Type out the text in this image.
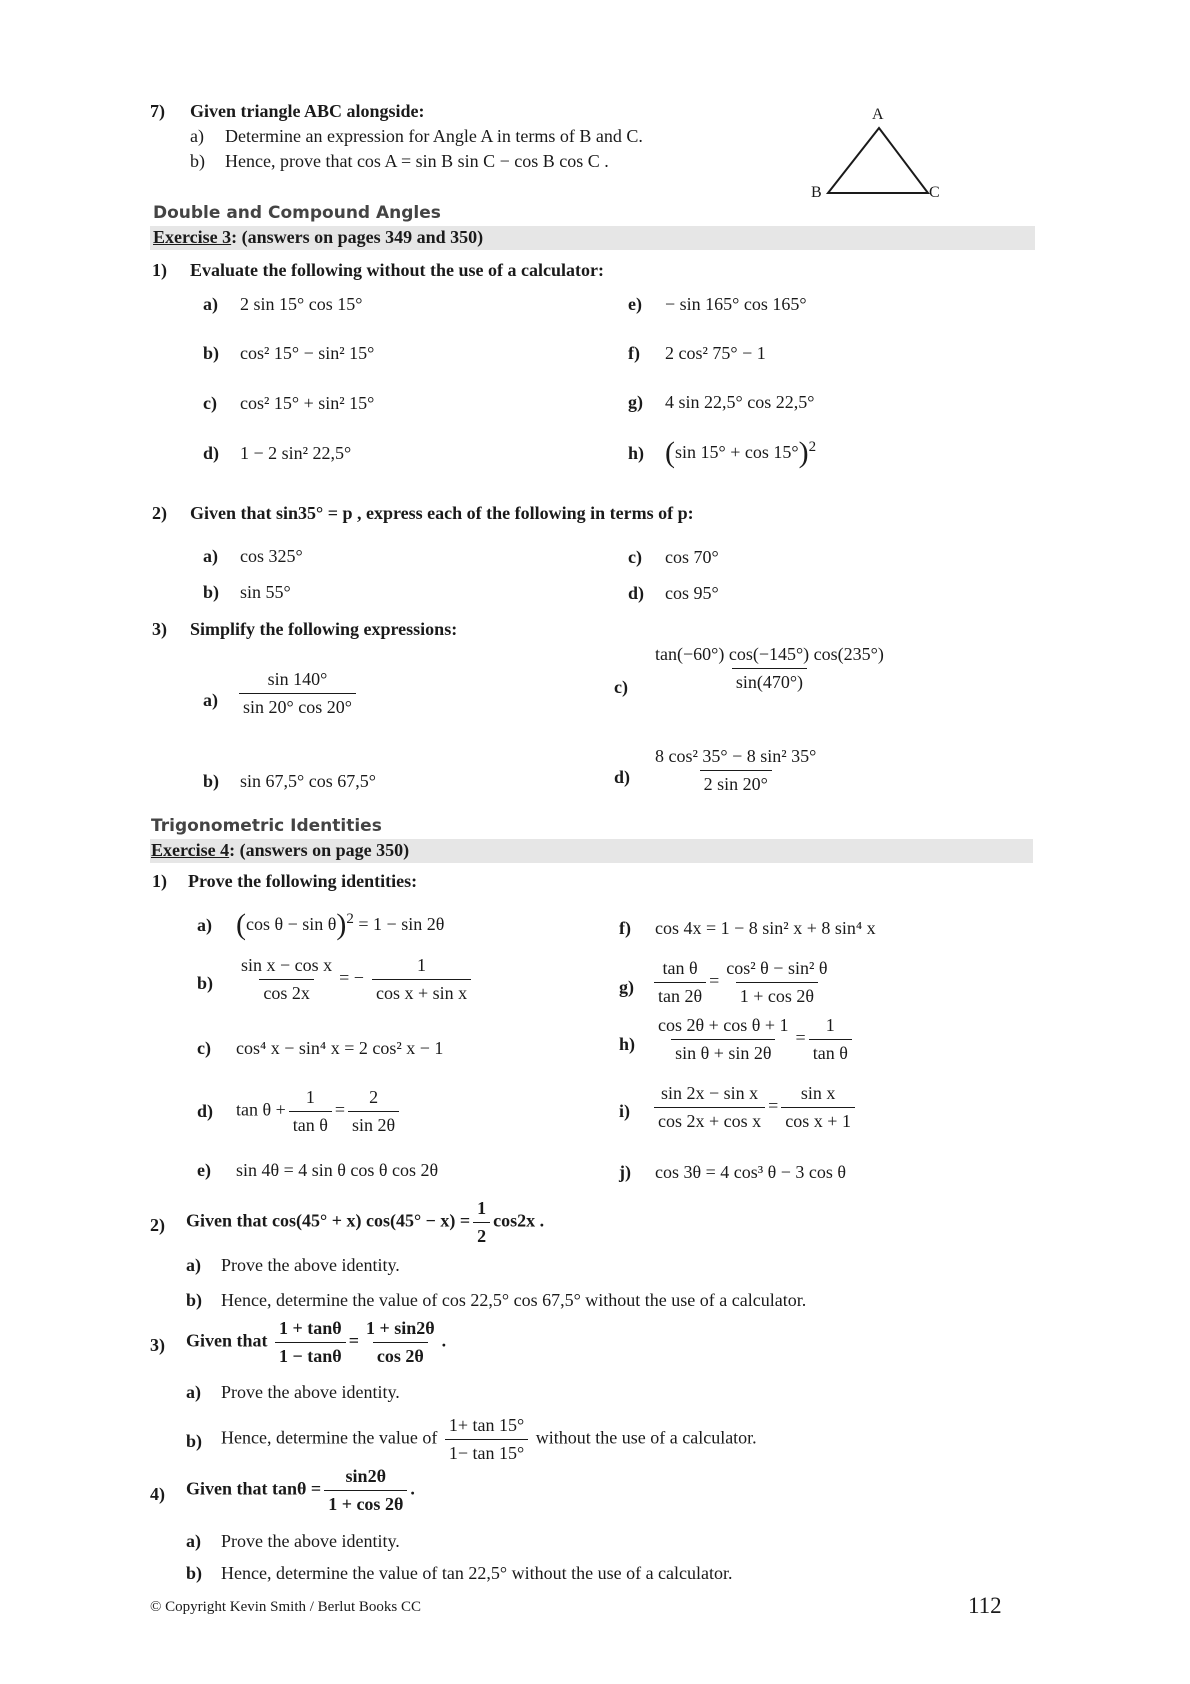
7) Given triangle ABC alongside:
a) Determine an expression for Angle A in terms of B and C.
b) Hence, prove that cos A = sin B sin C − cos B cos C .
A
B	C
Double and Compound Angles
Exercise 3: (answers on pages 349 and 350)
1) Evaluate the following without the use of a calculator:
a) 2 sin 15° cos 15°
b) cos² 15° − sin² 15°
c) cos² 15° + sin² 15°
d) 1 − 2 sin² 22,5°
e) − sin 165° cos 165°
f) 2 cos² 75° − 1
g) 4 sin 22,5° cos 22,5°
h) (sin 15° + cos 15°)$^2$
2) Given that sin35° = p , express each of the following in terms of p:
a) cos 325°
b) sin 55°
c) cos 70°
d) cos 95°
3) Simplify the following expressions:
$a) \frac{\sin 140^\circ}{\sin 20^\circ \cos 20^\circ}$
b) sin 67,5° cos 67,5°
$c) \frac{\tan(-60^\circ) \cos(-145^\circ) \cos(235^\circ)}{\sin(470^\circ)}$
$d) \frac{\text{8 cos² 35° − 8 sin² 35°}}{2 \sin 20^\circ}$
Trigonometric Identities
Exercise 4: (answers on page 350)
1) Prove the following identities:
a) (cos θ − sin θ)$^2$ = 1 − sin 2θ
$b) \frac{\text{sin x − cos x}}{\cos 2x}$ = − $\frac{1}{\text{cos x + sin x}}$
c) cos⁴ x − sin⁴ x = 2 cos² x − 1
d) $\tan \theta + \frac{1}{\text{tan θ}} = \frac{2}{\sin 2\theta}$
e) sin 4θ = 4 sin θ cos θ cos 2θ
f) cos 4x = 1 − 8 sin² x + 8 sin⁴ x
$g) \frac{\text{tan θ}}{\tan 2\theta} = \frac{\text{cos² θ − sin² θ}}{1 + \cos 2\theta}$
$h) \frac{\text{cos 2θ + cos θ + 1}}{\text{sin θ + sin 2θ}} = \frac{1}{\text{tan θ}}$
$i) \frac{\text{sin 2x − sin x}}{\text{cos 2x + cos x}} = \frac{\text{sin x}}{\text{cos x + 1}}$
j) cos 3θ = 4 cos³ θ − 3 cos θ
2) Given that cos(45° + x) $\cos(45^\circ - x) = \frac{1}{2} \cos 2x$ .
a) Prove the above identity.
b) Hence, determine the value of cos 22,5° cos 67,5° without the use of a calculator.
3) Given that $\frac{1 + \tan\theta}{1 - \tan\theta} = \frac{1 + \sin 2\theta}{\cos 2\theta}$ .
a) Prove the above identity.
b) Hence, determine the value of $\frac{1+ \tan 15^\circ}{1- \tan 15^\circ}$ without the use of a calculator.
4) Given that $\tan\theta = \frac{\sin 2\theta}{1 + \cos 2\theta}$ .
a) Prove the above identity.
b) Hence, determine the value of tan 22,5° without the use of a calculator.
© Copyright Kevin Smith / Berlut Books CC	112
